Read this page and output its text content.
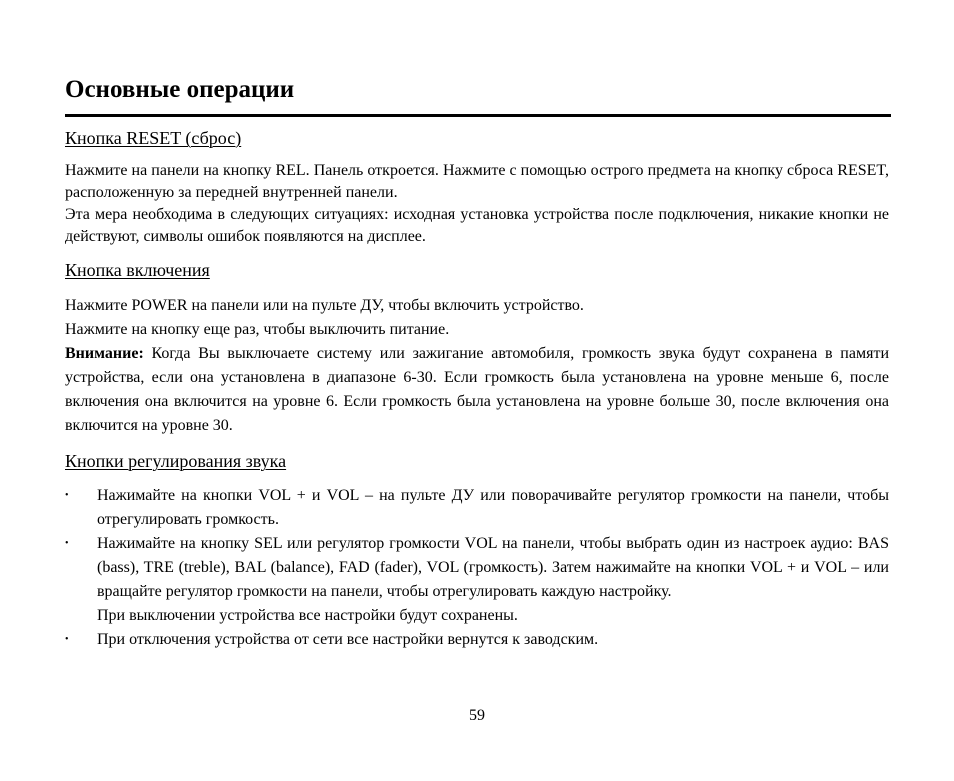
Основные операции
Кнопка RESET (сброс)

Нажмите на панели на кнопку REL. Панель откроется. Нажмите с помощью острого предмета на кнопку сброса RESET, расположенную за передней внутренней панели.

Эта мера необходима в следующих ситуациях: исходная установка устройства после подключения, никакие кнопки не действуют, символы ошибок появляются на дисплее.

Кнопка включения

Нажмите POWER на панели или на пульте ДУ, чтобы включить устройство.

Нажмите на кнопку еще раз, чтобы выключить питание.

Внимание: Когда Вы выключаете систему или зажигание автомобиля, громкость звука будут сохранена в памяти устройства, если она установлена в диапазоне 6-30. Если громкость была установлена на уровне меньше 6, после включения она включится на уровне 6. Если громкость была установлена на уровне больше 30, после включения она включится на уровне 30.

Кнопки регулирования звука
• Нажимайте на кнопки VOL + и VOL – на пульте ДУ или поворачивайте регулятор громкости на панели, чтобы отрегулировать громкость.
• Нажимайте на кнопку SEL или регулятор громкости VOL на панели, чтобы выбрать один из настроек аудио: BAS (bass), TRE (treble), BAL (balance), FAD (fader), VOL (громкость). Затем нажимайте на кнопки VOL + и VOL – или вращайте регулятор громкости на панели, чтобы отрегулировать каждую настройку.
При выключении устройства все настройки будут сохранены.
• При отключения устройства от сети все настройки вернутся к заводским.
59
